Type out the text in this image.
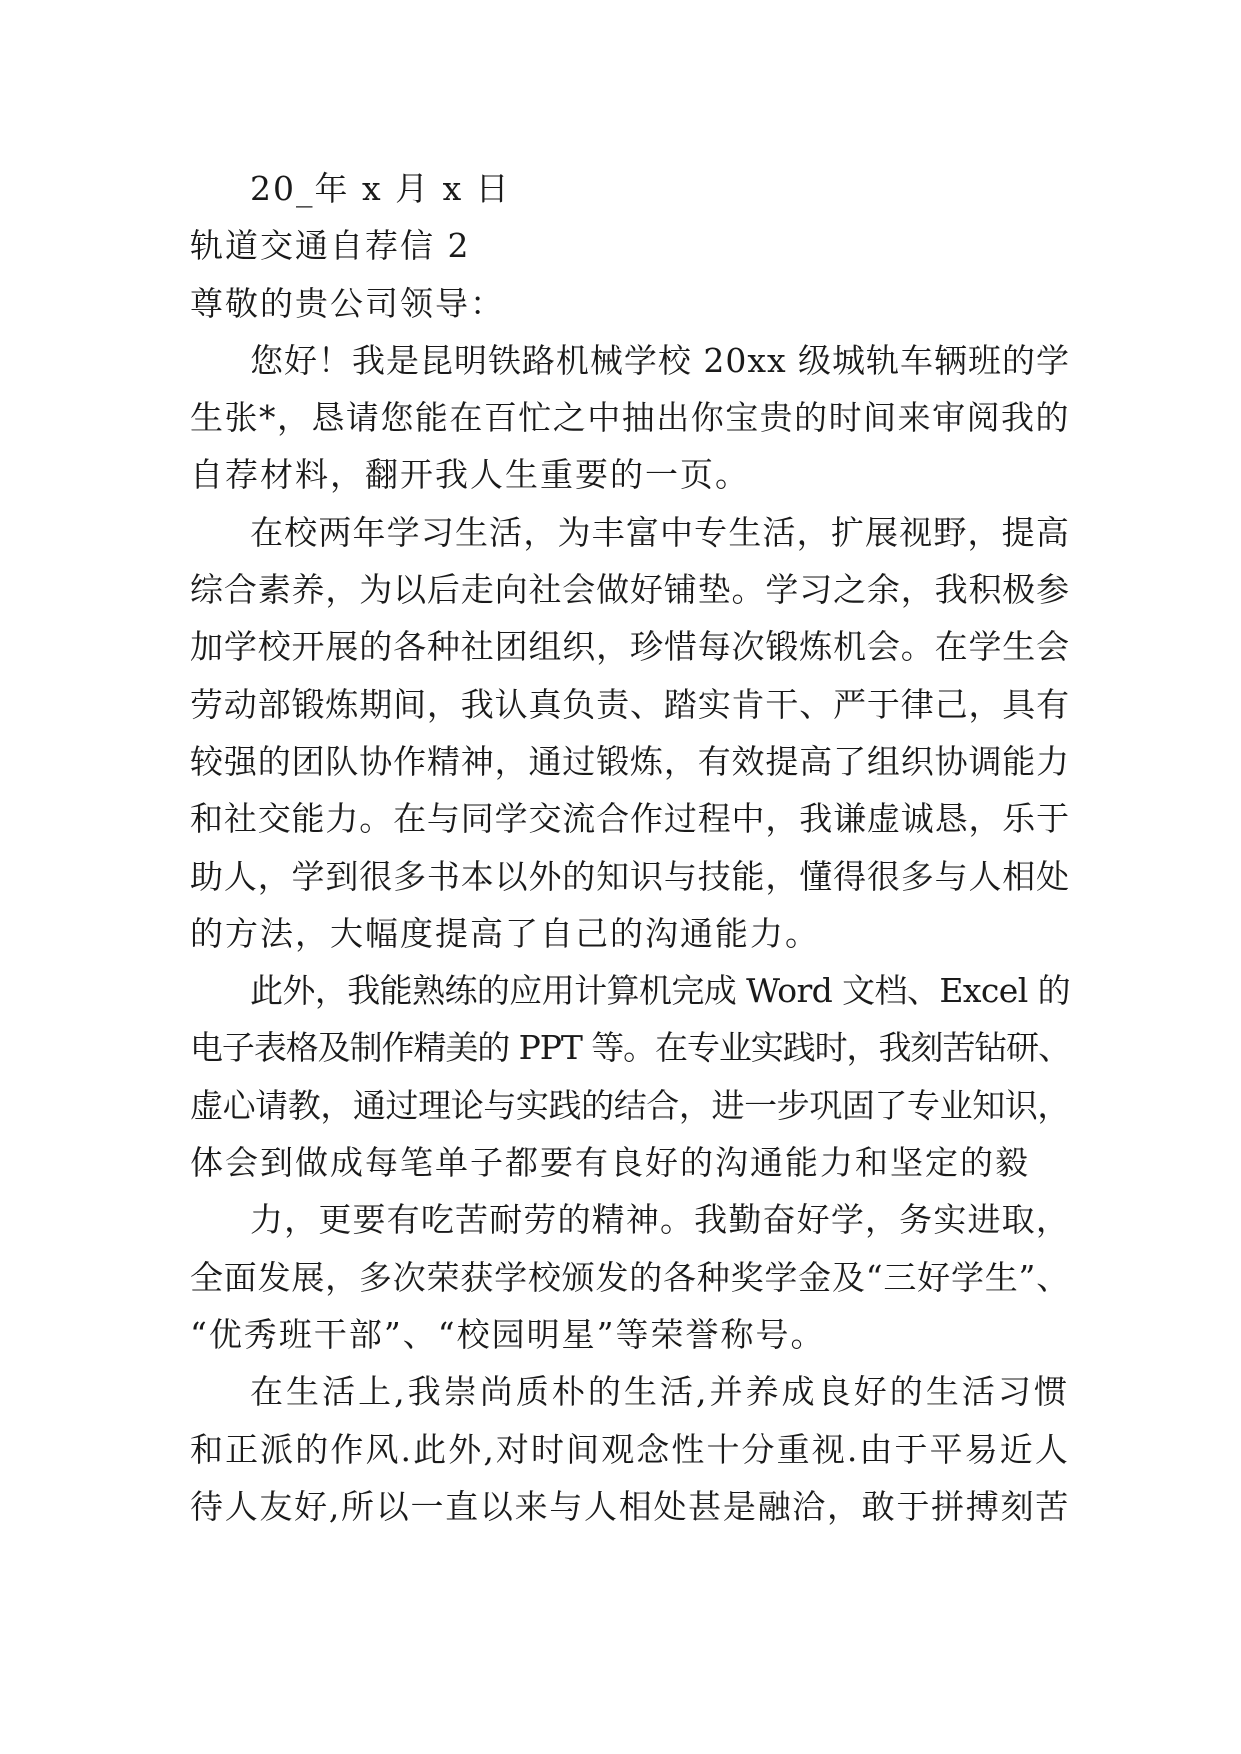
20_年 x 月 x 日
轨道交通自荐信 2
尊敬的贵公司领导：
您好！我是昆明铁路机械学校 20xx 级城轨车辆班的学
生张*，恳请您能在百忙之中抽出你宝贵的时间来审阅我的
自荐材料，翻开我人生重要的一页。
在校两年学习生活，为丰富中专生活，扩展视野，提高
综合素养，为以后走向社会做好铺垫。学习之余，我积极参
加学校开展的各种社团组织，珍惜每次锻炼机会。在学生会
劳动部锻炼期间，我认真负责、踏实肯干、严于律己，具有
较强的团队协作精神，通过锻炼，有效提高了组织协调能力
和社交能力。在与同学交流合作过程中，我谦虚诚恳，乐于
助人，学到很多书本以外的知识与技能，懂得很多与人相处
的方法，大幅度提高了自己的沟通能力。
此外，我能熟练的应用计算机完成 Word 文档、Excel 的
电子表格及制作精美的 PPT 等。在专业实践时，我刻苦钻研、
虚心请教，通过理论与实践的结合，进一步巩固了专业知识，
体会到做成每笔单子都要有良好的沟通能力和坚定的毅
力，更要有吃苦耐劳的精神。我勤奋好学，务实进取，
全面发展，多次荣获学校颁发的各种奖学金及“三好学生”、
“优秀班干部”、“校园明星”等荣誉称号。
在生活上,我崇尚质朴的生活,并养成良好的生活习惯
和正派的作风.此外,对时间观念性十分重视.由于平易近人
待人友好,所以一直以来与人相处甚是融洽，敢于拼搏刻苦
